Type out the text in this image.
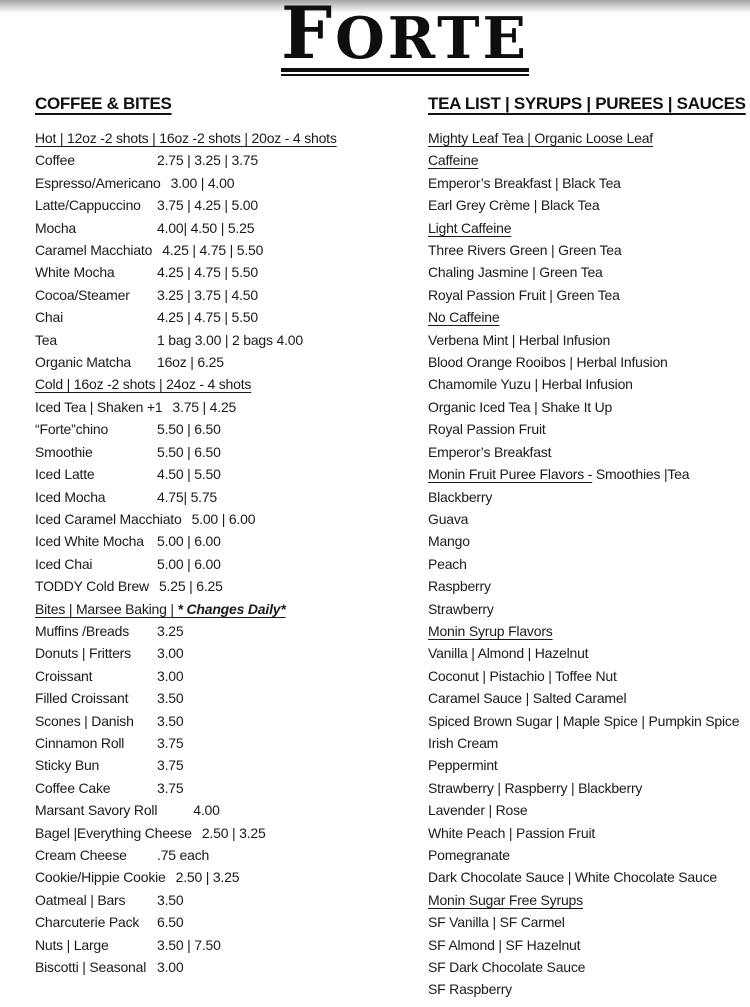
FORTE
COFFEE & BITES
Hot | 12oz -2 shots | 16oz -2 shots | 20oz - 4 shots
Coffee	2.75 | 3.25 | 3.75
Espresso/Americano 3.00 | 4.00
Latte/Cappuccino	3.75 | 4.25 | 5.00
Mocha	4.00| 4.50 | 5.25
Caramel Macchiato 4.25 | 4.75 | 5.50
White Mocha	4.25 | 4.75 | 5.50
Cocoa/Steamer	3.25 | 3.75 | 4.50
Chai	4.25 | 4.75 | 5.50
Tea	1 bag 3.00 | 2 bags 4.00
Organic Matcha	16oz | 6.25
Cold | 16oz -2 shots | 24oz - 4 shots
Iced Tea | Shaken +1 3.75 | 4.25
“Forte”chino	5.50 | 6.50
Smoothie	5.50 | 6.50
Iced Latte	4.50 | 5.50
Iced Mocha	4.75| 5.75
Iced Caramel Macchiato 5.00 | 6.00
Iced White Mocha 5.00 | 6.00
Iced Chai	5.00 | 6.00
TODDY Cold Brew 5.25 | 6.25
Bites | Marsee Baking | * Changes Daily*
Muffins /Breads	3.25
Donuts | Fritters	3.00
Croissant	3.00
Filled Croissant	3.50
Scones | Danish	3.50
Cinnamon Roll	3.75
Sticky Bun	3.75
Coffee Cake	3.75
Marsant Savory Roll	4.00
Bagel |Everything Cheese 2.50 | 3.25
Cream Cheese	.75 each
Cookie/Hippie Cookie 2.50 | 3.25
Oatmeal | Bars	3.50
Charcuterie Pack	6.50
Nuts | Large	3.50 | 7.50
Biscotti | Seasonal 3.00
TEA LIST | SYRUPS | PUREES | SAUCES
Mighty Leaf Tea | Organic Loose Leaf
Caffeine
Emperor’s Breakfast | Black Tea
Earl Grey Crème | Black Tea
Light Caffeine
Three Rivers Green | Green Tea
Chaling Jasmine | Green Tea
Royal Passion Fruit | Green Tea
No Caffeine
Verbena Mint | Herbal Infusion
Blood Orange Rooibos | Herbal Infusion
Chamomile Yuzu | Herbal Infusion
Organic Iced Tea | Shake It Up
Royal Passion Fruit
Emperor’s Breakfast
Monin Fruit Puree Flavors - Smoothies |Tea
Blackberry
Guava
Mango
Peach
Raspberry
Strawberry
Monin Syrup Flavors
Vanilla | Almond | Hazelnut
Coconut | Pistachio | Toffee Nut
Caramel Sauce | Salted Caramel
Spiced Brown Sugar | Maple Spice | Pumpkin Spice
Irish Cream
Peppermint
Strawberry | Raspberry | Blackberry
Lavender | Rose
White Peach | Passion Fruit
Pomegranate
Dark Chocolate Sauce | White Chocolate Sauce
Monin Sugar Free Syrups
SF Vanilla | SF Carmel
SF Almond | SF Hazelnut
SF Dark Chocolate Sauce
SF Raspberry
